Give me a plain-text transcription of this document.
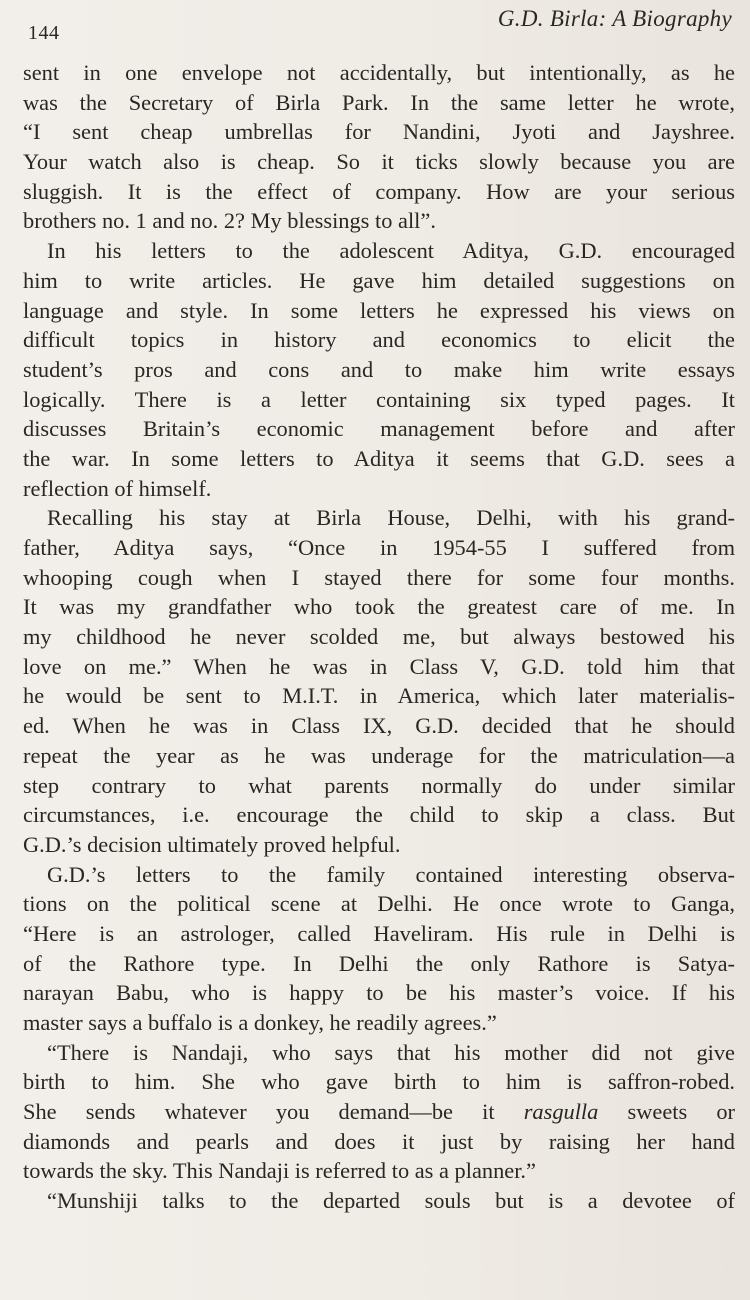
144
G.D. Birla: A Biography
sent in one envelope not accidentally, but intentionally, as he
was the Secretary of Birla Park. In the same letter he wrote,
“I sent cheap umbrellas for Nandini, Jyoti and Jayshree.
Your watch also is cheap. So it ticks slowly because you are
sluggish. It is the effect of company. How are your serious
brothers no. 1 and no. 2? My blessings to all”.
In his letters to the adolescent Aditya, G.D. encouraged
him to write articles. He gave him detailed suggestions on
language and style. In some letters he expressed his views on
difficult topics in history and economics to elicit the
student’s pros and cons and to make him write essays
logically. There is a letter containing six typed pages. It
discusses Britain’s economic management before and after
the war. In some letters to Aditya it seems that G.D. sees a
reflection of himself.
Recalling his stay at Birla House, Delhi, with his grand-
father, Aditya says, “Once in 1954-55 I suffered from
whooping cough when I stayed there for some four months.
It was my grandfather who took the greatest care of me. In
my childhood he never scolded me, but always bestowed his
love on me.” When he was in Class V, G.D. told him that
he would be sent to M.I.T. in America, which later materialis-
ed. When he was in Class IX, G.D. decided that he should
repeat the year as he was underage for the matriculation—a
step contrary to what parents normally do under similar
circumstances, i.e. encourage the child to skip a class. But
G.D.’s decision ultimately proved helpful.
G.D.’s letters to the family contained interesting observa-
tions on the political scene at Delhi. He once wrote to Ganga,
“Here is an astrologer, called Haveliram. His rule in Delhi is
of the Rathore type. In Delhi the only Rathore is Satya-
narayan Babu, who is happy to be his master’s voice. If his
master says a buffalo is a donkey, he readily agrees.”
“There is Nandaji, who says that his mother did not give
birth to him. She who gave birth to him is saffron-robed.
She sends whatever you demand—be it rasgulla sweets or
diamonds and pearls and does it just by raising her hand
towards the sky. This Nandaji is referred to as a planner.”
“Munshiji talks to the departed souls but is a devotee of
